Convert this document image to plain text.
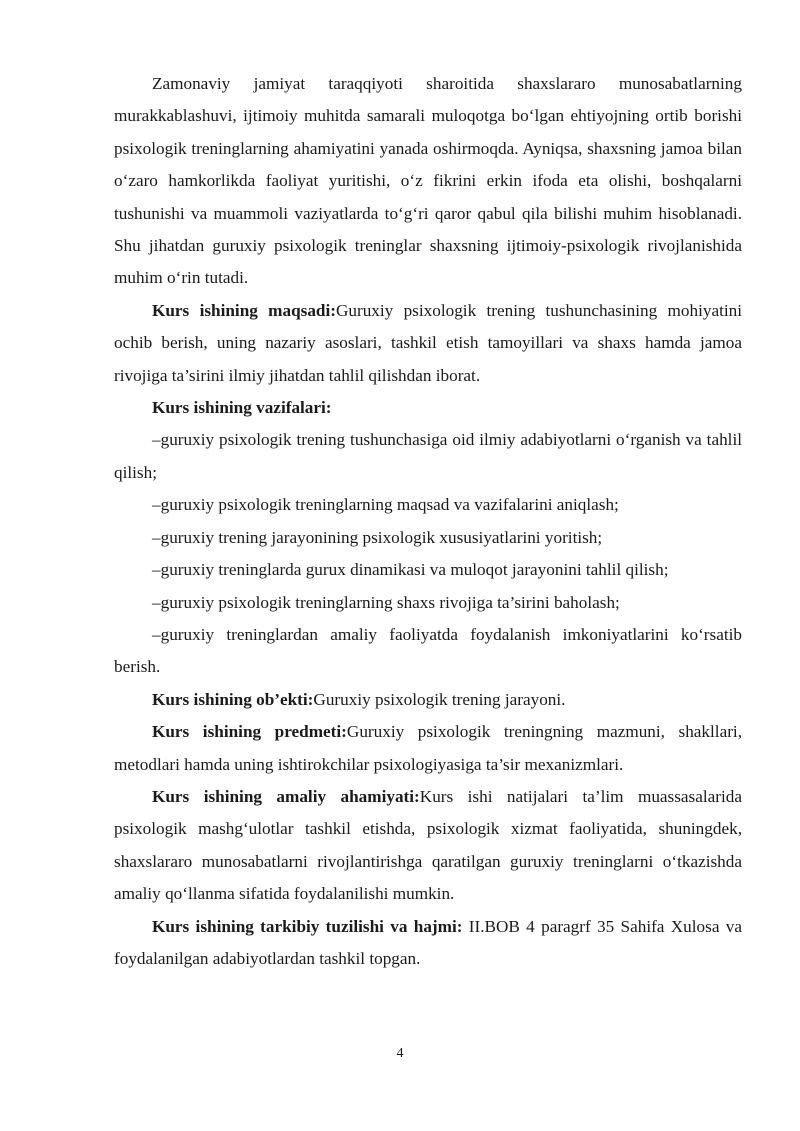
Zamonaviy jamiyat taraqqiyoti sharoitida shaxslararo munosabatlarning murakkablashuvi, ijtimoiy muhitda samarali muloqotga bo‘lgan ehtiyojning ortib borishi psixologik treninglarning ahamiyatini yanada oshirmoqda. Ayniqsa, shaxsning jamoa bilan o‘zaro hamkorlikda faoliyat yuritishi, o‘z fikrini erkin ifoda eta olishi, boshqalarni tushunishi va muammoli vaziyatlarda to‘g‘ri qaror qabul qila bilishi muhim hisoblanadi. Shu jihatdan guruxiy psixologik treninglar shaxsning ijtimoiy-psixologik rivojlanishida muhim o‘rin tutadi.

Kurs ishining maqsadi:Guruxiy psixologik trening tushunchasining mohiyatini ochib berish, uning nazariy asoslari, tashkil etish tamoyillari va shaxs hamda jamoa rivojiga ta’sirini ilmiy jihatdan tahlil qilishdan iborat.

Kurs ishining vazifalari:

–guruxiy psixologik trening tushunchasiga oid ilmiy adabiyotlarni o‘rganish va tahlil qilish;

–guruxiy psixologik treninglarning maqsad va vazifalarini aniqlash;

–guruxiy trening jarayonining psixologik xususiyatlarini yoritish;

–guruxiy treninglarda gurux dinamikasi va muloqot jarayonini tahlil qilish;

–guruxiy psixologik treninglarning shaxs rivojiga ta’sirini baholash;

–guruxiy treninglardan amaliy faoliyatda foydalanish imkoniyatlarini ko‘rsatib berish.

Kurs ishining ob’ekti:Guruxiy psixologik trening jarayoni.

Kurs ishining predmeti:Guruxiy psixologik treningning mazmuni, shakllari, metodlari hamda uning ishtirokchilar psixologiyasiga ta’sir mexanizmlari.

Kurs ishining amaliy ahamiyati:Kurs ishi natijalari ta’lim muassasalarida psixologik mashg‘ulotlar tashkil etishda, psixologik xizmat faoliyatida, shuningdek, shaxslararo munosabatlarni rivojlantirishga qaratilgan guruxiy treninglarni o‘tkazishda amaliy qo‘llanma sifatida foydalanilishi mumkin.

Kurs ishining tarkibiy tuzilishi va hajmi: II.BOB 4 paragrf 35 Sahifa Xulosa va foydalanilgan adabiyotlardan tashkil topgan.

4
